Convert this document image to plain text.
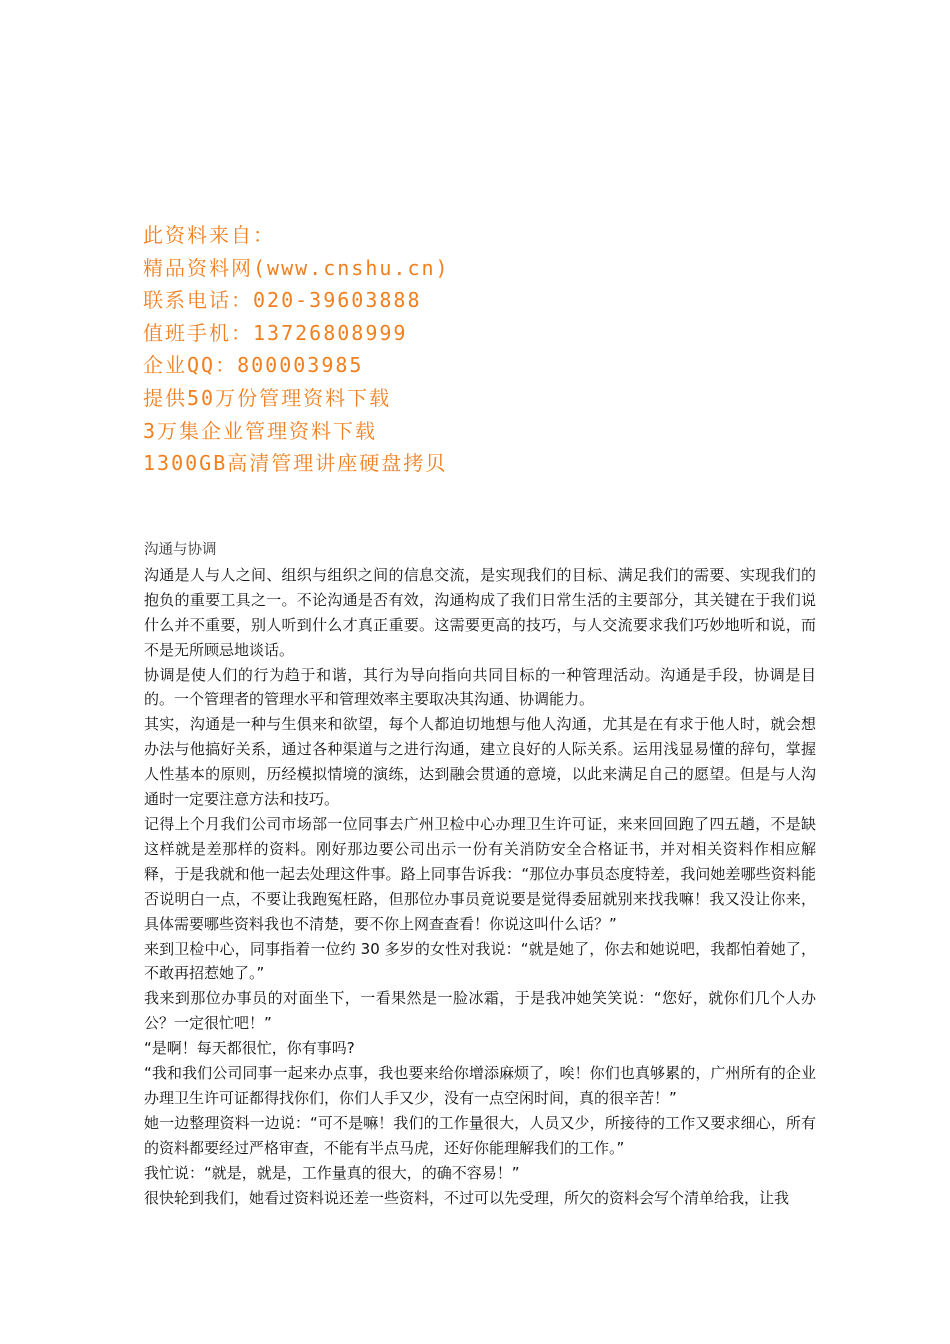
此资料来自：
精品资料网(www.cnshu.cn)
联系电话：020-39603888
值班手机：13726808999
企业QQ：800003985
提供50万份管理资料下载
3万集企业管理资料下载
1300GB高清管理讲座硬盘拷贝
沟通与协调

沟通是人与人之间、组织与组织之间的信息交流，是实现我们的目标、满足我们的需要、实现我们的抱负的重要工具之一。不论沟通是否有效，沟通构成了我们日常生活的主要部分，其关键在于我们说什么并不重要，别人听到什么才真正重要。这需要更高的技巧，与人交流要求我们巧妙地听和说，而不是无所顾忌地谈话。

协调是使人们的行为趋于和谐，其行为导向指向共同目标的一种管理活动。沟通是手段，协调是目的。一个管理者的管理水平和管理效率主要取决其沟通、协调能力。

其实，沟通是一种与生俱来和欲望，每个人都迫切地想与他人沟通，尤其是在有求于他人时，就会想办法与他搞好关系，通过各种渠道与之进行沟通，建立良好的人际关系。运用浅显易懂的辞句，掌握人性基本的原则，历经模拟情境的演练，达到融会贯通的意境，以此来满足自己的愿望。但是与人沟通时一定要注意方法和技巧。

记得上个月我们公司市场部一位同事去广州卫检中心办理卫生许可证，来来回回跑了四五趟，不是缺这样就是差那样的资料。刚好那边要公司出示一份有关消防安全合格证书，并对相关资料作相应解释，于是我就和他一起去处理这件事。路上同事告诉我：“那位办事员态度特差，我问她差哪些资料能否说明白一点，不要让我跑冤枉路，但那位办事员竟说要是觉得委屈就别来找我嘛！我又没让你来，具体需要哪些资料我也不清楚，要不你上网查查看！你说这叫什么话？”

来到卫检中心，同事指着一位约 30 多岁的女性对我说：“就是她了，你去和她说吧，我都怕着她了，不敢再招惹她了。”

我来到那位办事员的对面坐下，一看果然是一脸冰霜，于是我冲她笑笑说：“您好，就你们几个人办公？一定很忙吧！”

“是啊！每天都很忙，你有事吗?

“我和我们公司同事一起来办点事，我也要来给你增添麻烦了，唉！你们也真够累的，广州所有的企业办理卫生许可证都得找你们，你们人手又少，没有一点空闲时间，真的很辛苦！”

她一边整理资料一边说：“可不是嘛！我们的工作量很大，人员又少，所接待的工作又要求细心，所有的资料都要经过严格审查，不能有半点马虎，还好你能理解我们的工作。”

我忙说：“就是，就是，工作量真的很大，的确不容易！”

很快轮到我们，她看过资料说还差一些资料，不过可以先受理，所欠的资料会写个清单给我，让我
